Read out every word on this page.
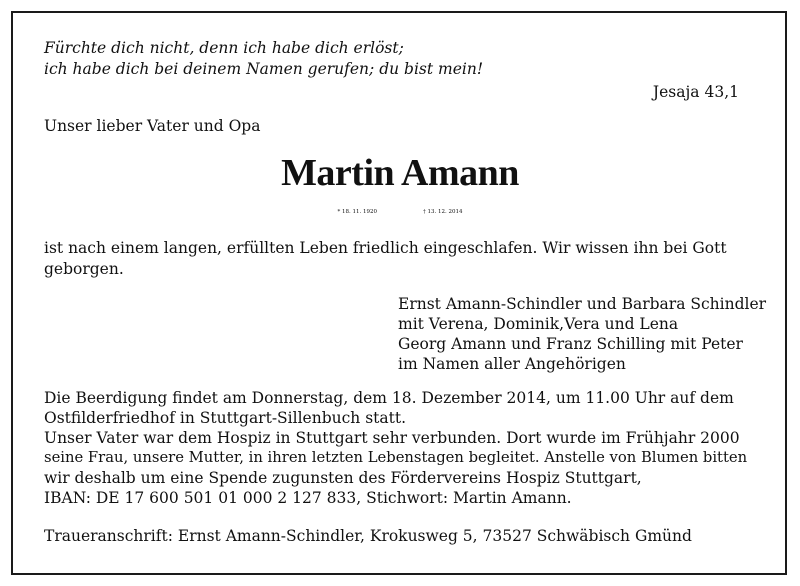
Fürchte dich nicht, denn ich habe dich erlöst;

ich habe dich bei deinem Namen gerufen; du bist mein!

Jesaja 43,1

Unser lieber Vater und Opa

Martin Amann

* 18. 11. 1920	† 13. 12. 2014

ist nach einem langen, erfüllten Leben friedlich eingeschlafen. Wir wissen ihn bei Gott

geborgen.

Ernst Amann-Schindler und Barbara Schindler

mit Verena, Dominik,Vera und Lena

Georg Amann und Franz Schilling mit Peter

im Namen aller Angehörigen

Die Beerdigung findet am Donnerstag, dem 18. Dezember 2014, um 11.00 Uhr auf dem

Ostfilderfriedhof in Stuttgart-Sillenbuch statt.

Unser Vater war dem Hospiz in Stuttgart sehr verbunden. Dort wurde im Frühjahr 2000

seine Frau, unsere Mutter, in ihren letzten Lebenstagen begleitet. Anstelle von Blumen bitten

wir deshalb um eine Spende zugunsten des Fördervereins Hospiz Stuttgart,

IBAN: DE 17 600 501 01 000 2 127 833, Stichwort: Martin Amann.

Traueranschrift: Ernst Amann-Schindler, Krokusweg 5, 73527 Schwäbisch Gmünd
